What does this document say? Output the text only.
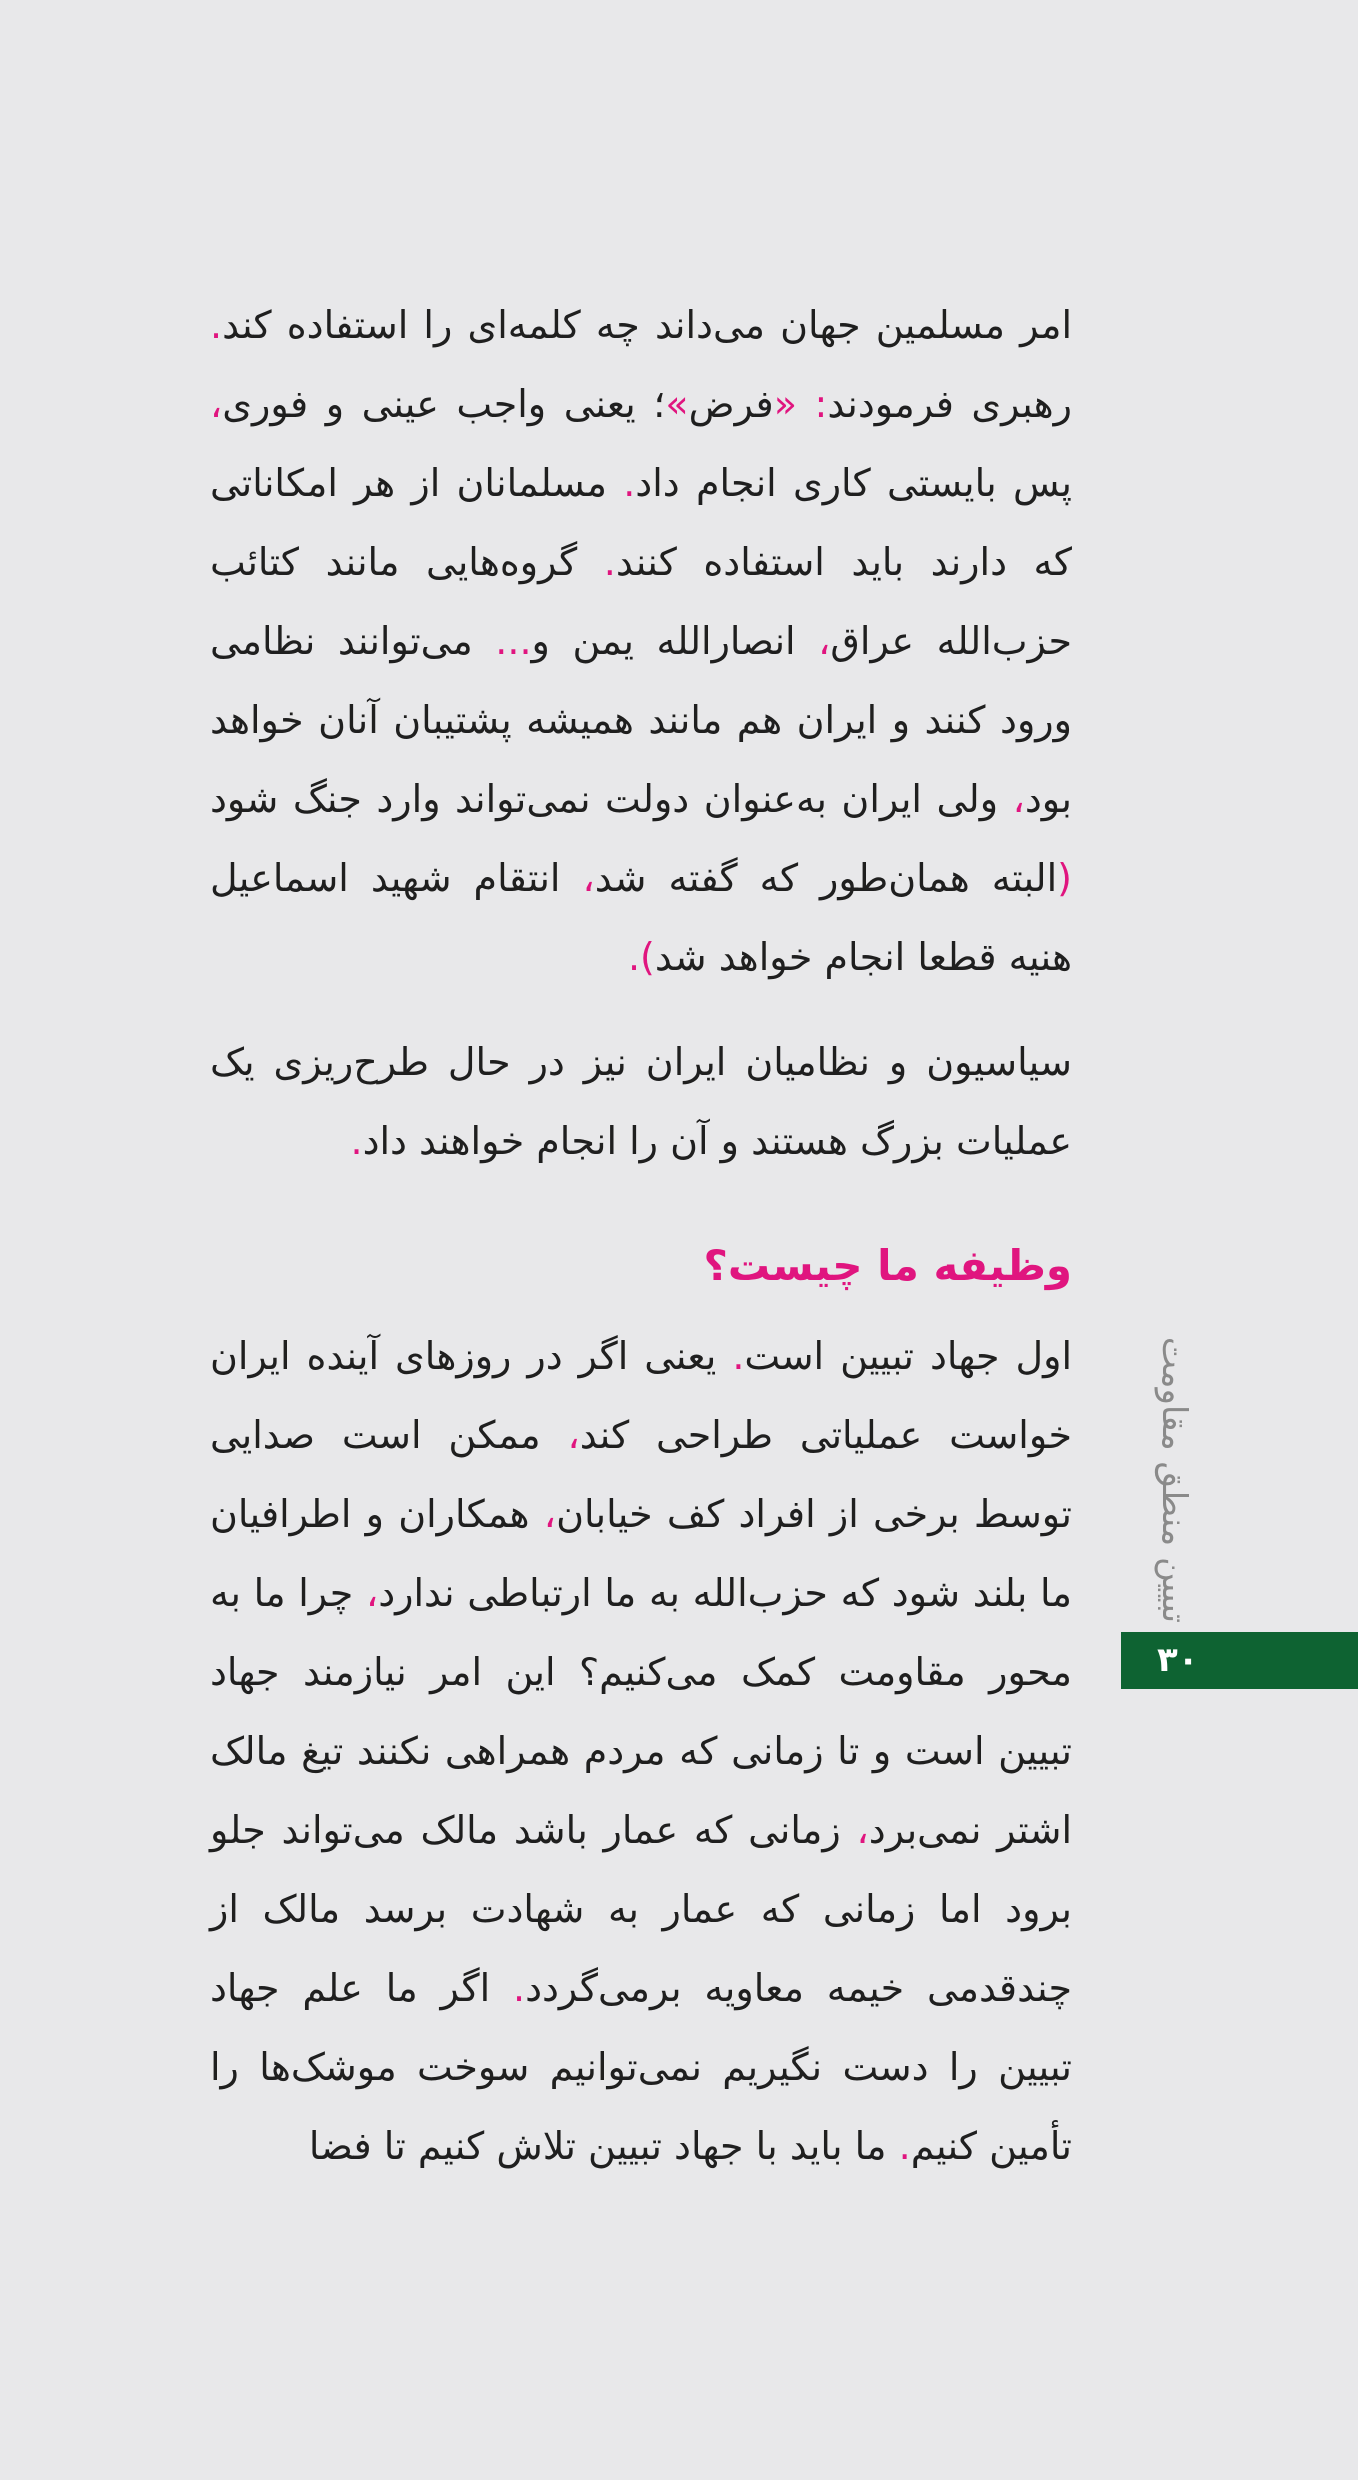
امر مسلمین جهان می‌داند چه کلمه‌ای را استفاده کند. رهبری فرمودند: «فرض»؛ یعنی واجب عینی و فوری، پس بایستی کاری انجام داد. مسلمانان از هر امکاناتی که دارند باید استفاده کنند. گروه‌هایی مانند کتائب حزب‌الله عراق، انصارالله یمن و... می‌توانند نظامی ورود کنند و ایران هم مانند همیشه پشتیبان آنان خواهد بود، ولی ایران به‌عنوان دولت نمی‌تواند وارد جنگ شود (البته همان‌طور که گفته شد، انتقام شهید اسماعیل هنیه قطعا انجام خواهد شد).

سیاسیون و نظامیان ایران نیز در حال طرح‌ریزی یک عملیات بزرگ هستند و آن را انجام خواهند داد.

وظیفه ما چیست؟

اول جهاد تبیین است. یعنی اگر در روزهای آینده ایران خواست عملیاتی طراحی کند، ممکن است صدایی توسط برخی از افراد کف خیابان، همکاران و اطرافیان ما بلند شود که حزب‌الله به ما ارتباطی ندارد، چرا ما به محور مقاومت کمک می‌کنیم؟ این امر نیازمند جهاد تبیین است و تا زمانی که مردم همراهی نکنند تیغ مالک اشتر نمی‌برد، زمانی که عمار باشد مالک می‌تواند جلو برود اما زمانی که عمار به شهادت برسد مالک از چندقدمی خیمه معاویه برمی‌گردد. اگر ما علم جهاد تبیین را دست نگیریم نمی‌توانیم سوخت موشک‌ها را تأمین کنیم. ما باید با جهاد تبیین تلاش کنیم تا فضا

تبیین منطق مقاومت
۳۰
